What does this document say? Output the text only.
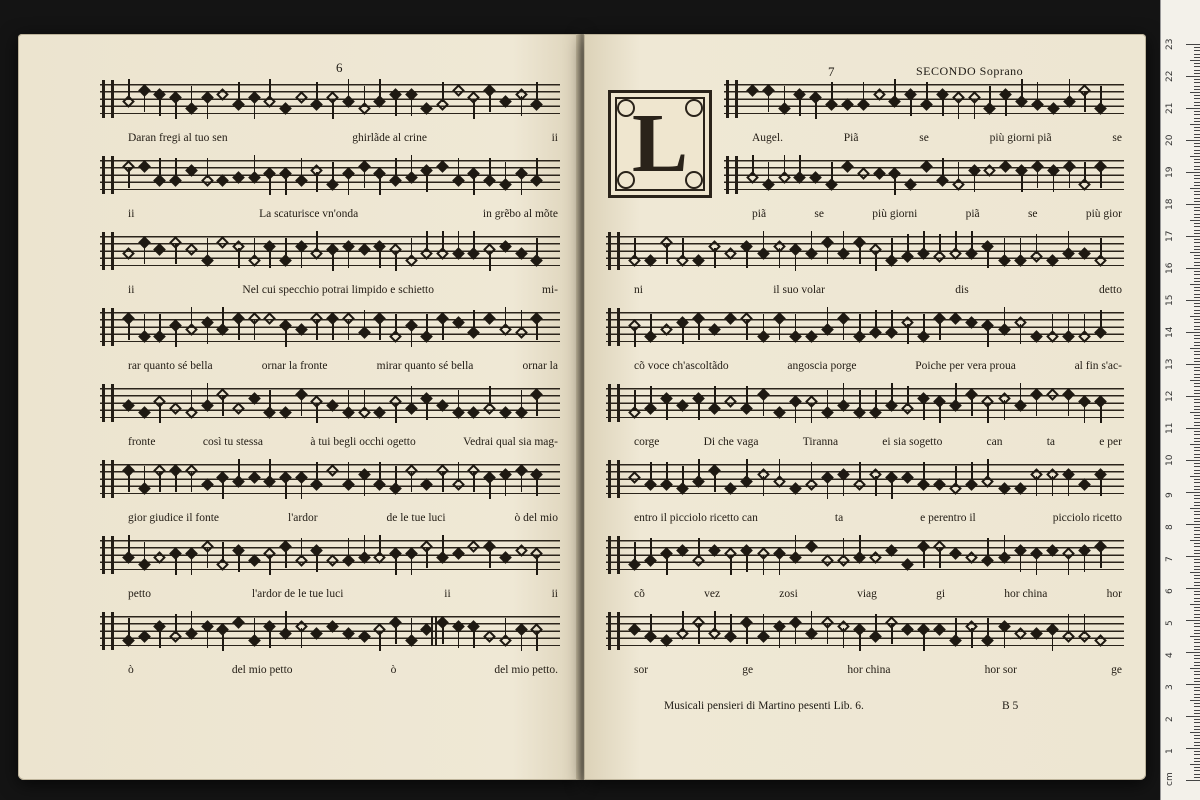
6
Daran fregi al tuo sen	ghirlãde al crine	ii
ii	La scaturisce vn'onda	in grẽbo al mõte
ii	Nel cui specchio potrai limpido e schietto	mi-
rar quanto sé bella	ornar la fronte	mirar quanto sé bella	ornar la
fronte	così tu stessa	à tui begli occhi ogetto	Vedrai qual sia mag-
gior giudice il fonte	l'ardor	de le tue luci	ò del mio
petto	l'ardor de le tue luci	ii	ii
ò	del mio petto	ò	del mio petto.
7	SECONDO Soprano
L	Augel.	Piã	se	più giorni piã	se
piã	se	più giorni	piã	se	più gior
ni	il suo volar	dis	detto
cõ voce ch'ascoltãdo	angoscia porge	Poiche per vera proua	al fin s'ac-
corge	Di che vaga	Tiranna	ei sia sogetto	can	ta	e per
entro il picciolo ricetto can	ta	e perentro il	picciolo ricetto
cõ	vez	zosi	viag	gi	hor china	hor
sor	ge	hor china	hor sor	ge
Musicali pensieri di Martino pesenti Lib. 6.	B 5
cm
1
2
3
4
5
6
7
8
9
10
11
12
13
14
15
16
17
18
19
20
21
22
23
